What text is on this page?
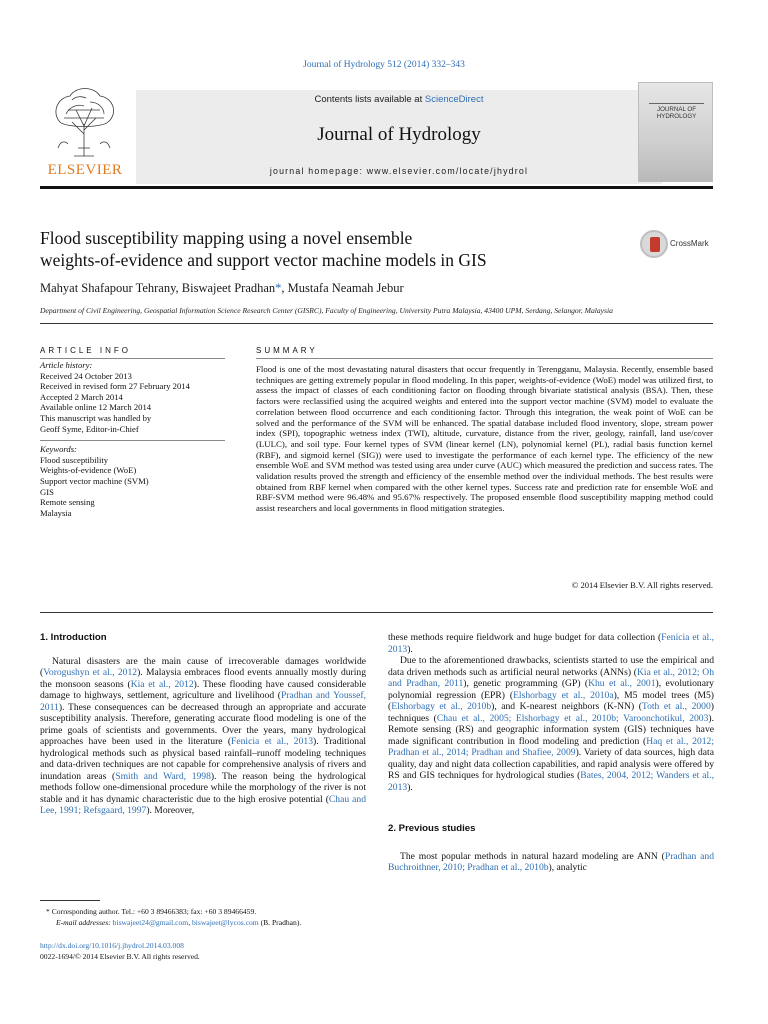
Journal of Hydrology 512 (2014) 332–343
ELSEVIER
Contents lists available at ScienceDirect
Journal of Hydrology
journal homepage: www.elsevier.com/locate/jhydrol
JOURNAL OF HYDROLOGY
Flood susceptibility mapping using a novel ensemble
weights-of-evidence and support vector machine models in GIS
CrossMark
Mahyat Shafapour Tehrany, Biswajeet Pradhan*, Mustafa Neamah Jebur
Department of Civil Engineering, Geospatial Information Science Research Center (GISRC), Faculty of Engineering, University Putra Malaysia, 43400 UPM, Serdang, Selangor, Malaysia
ARTICLE INFO	SUMMARY
Article history:
Received 24 October 2013
Received in revised form 27 February 2014
Accepted 2 March 2014
Available online 12 March 2014
This manuscript was handled by
Geoff Syme, Editor-in-Chief
Keywords:
Flood susceptibility
Weights-of-evidence (WoE)
Support vector machine (SVM)
GIS
Remote sensing
Malaysia
Flood is one of the most devastating natural disasters that occur frequently in Terengganu, Malaysia. Recently, ensemble based techniques are getting extremely popular in flood modeling. In this paper, weights-of-evidence (WoE) model was utilized first, to assess the impact of classes of each conditioning factor on flooding through bivariate statistical analysis (BSA). Then, these factors were reclassified using the acquired weights and entered into the support vector machine (SVM) model to evaluate the correlation between flood occurrence and each conditioning factor. Through this integration, the weak point of WoE can be solved and the performance of the SVM will be enhanced. The spatial database included flood inventory, slope, stream power index (SPI), topographic wetness index (TWI), altitude, curvature, distance from the river, geology, rainfall, land use/cover (LULC), and soil type. Four kernel types of SVM (linear kernel (LN), polynomial kernel (PL), radial basis function kernel (RBF), and sigmoid kernel (SIG)) were used to investigate the performance of each kernel type. The efficiency of the new ensemble WoE and SVM method was tested using area under curve (AUC) which measured the prediction and success rates. The validation results proved the strength and efficiency of the ensemble method over the individual methods. The best results were obtained from RBF kernel when compared with the other kernel types. Success rate and prediction rate for ensemble WoE and RBF-SVM method were 96.48% and 95.67% respectively. The proposed ensemble flood susceptibility mapping method could assist researchers and local governments in flood mitigation strategies.
© 2014 Elsevier B.V. All rights reserved.
1. Introduction

Natural disasters are the main cause of irrecoverable damages worldwide (Vorogushyn et al., 2012). Malaysia embraces flood events annually mostly during the monsoon seasons (Kia et al., 2012). These flooding have caused considerable damage to highways, settlement, agriculture and livelihood (Pradhan and Youssef, 2011). These consequences can be decreased through an appropriate and accurate susceptibility analysis. Therefore, generating accurate flood modeling is one of the prime goals of scientists and governments. Over the years, many hydrological approaches have been used in the literature (Fenicia et al., 2013). Traditional hydrological methods such as physical based rainfall–runoff modeling techniques and data-driven techniques are not capable for comprehensive analysis of rivers and inundation areas (Smith and Ward, 1998). The reason being the hydrological methods follow one-dimensional procedure while the morphology of the river is not stable and it has dynamic characteristic due to the high erosive potential (Chau and Lee, 1991; Refsgaard, 1997). Moreover,

these methods require fieldwork and huge budget for data collection (Fenicia et al., 2013).

Due to the aforementioned drawbacks, scientists started to use the empirical and data driven methods such as artificial neural networks (ANNs) (Kia et al., 2012; Oh and Pradhan, 2011), genetic programming (GP) (Khu et al., 2001), evolutionary polynomial regression (EPR) (Elshorbagy et al., 2010a), M5 model trees (M5) (Elshorbagy et al., 2010b), and K-nearest neighbors (K-NN) (Toth et al., 2000) techniques (Chau et al., 2005; Elshorbagy et al., 2010b; Varoonchotikul, 2003). Remote sensing (RS) and geographic information system (GIS) techniques have made significant contribution in flood modeling and prediction (Haq et al., 2012; Pradhan et al., 2014; Pradhan and Shafiee, 2009). Variety of data sources, high data quality, day and night data collection capabilities, and rapid analysis were offered by RS and GIS techniques for hydrological studies (Bates, 2004, 2012; Wanders et al., 2013).

2. Previous studies

The most popular methods in natural hazard modeling are ANN (Pradhan and Buchroithner, 2010; Pradhan et al., 2010b), analytic

* Corresponding author. Tel.: +60 3 89466383; fax: +60 3 89466459.
E-mail addresses: biswajeet24@gmail.com, biswajeet@lycos.com (B. Pradhan).
http://dx.doi.org/10.1016/j.jhydrol.2014.03.008
0022-1694/© 2014 Elsevier B.V. All rights reserved.
